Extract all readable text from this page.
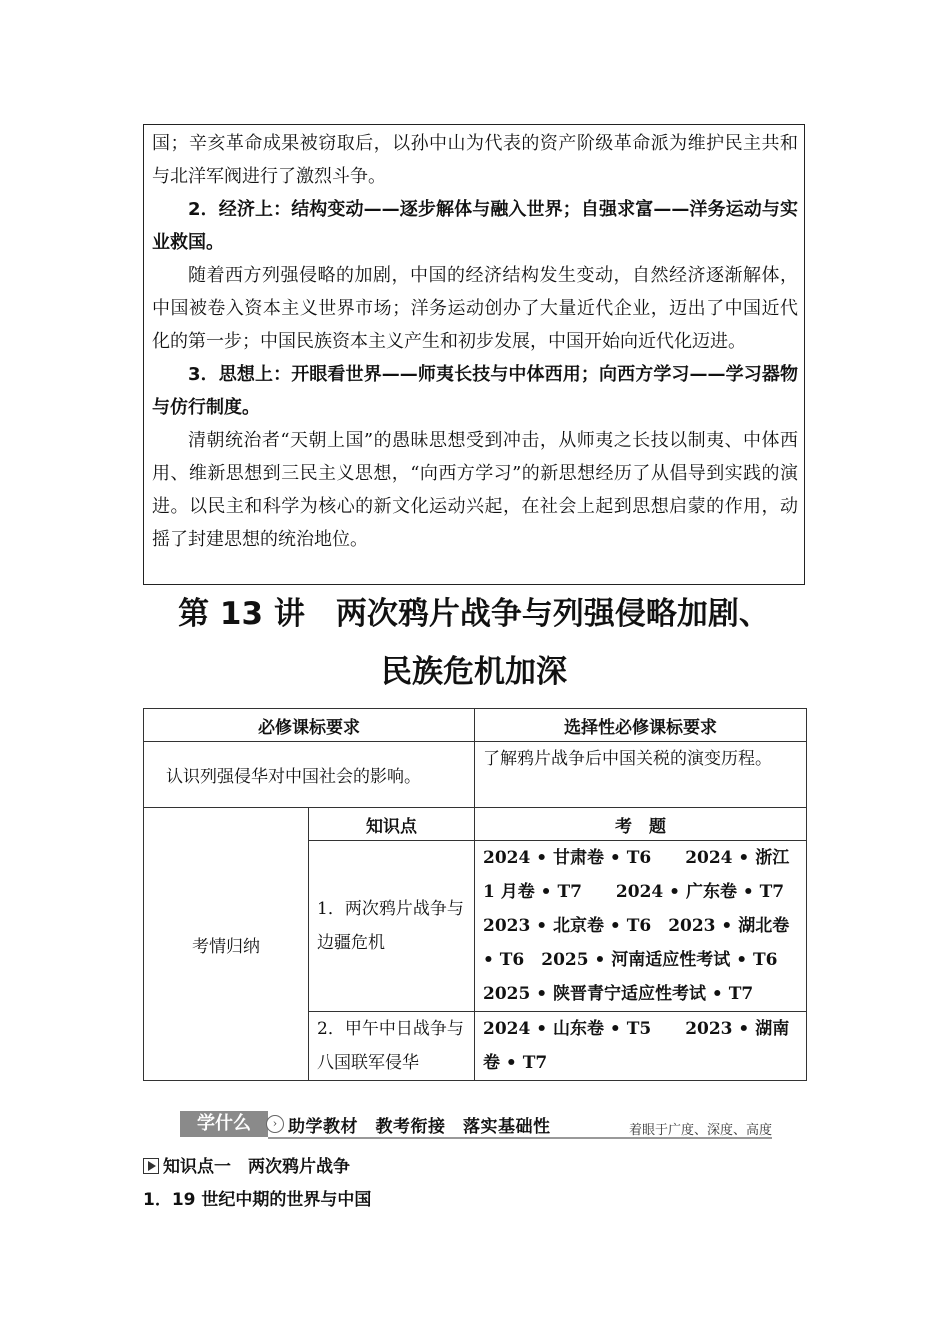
国；辛亥革命成果被窃取后，以孙中山为代表的资产阶级革命派为维护民主共和与北洋军阀进行了激烈斗争。

2．经济上：结构变动——逐步解体与融入世界；自强求富——洋务运动与实业救国。

随着西方列强侵略的加剧，中国的经济结构发生变动，自然经济逐渐解体，中国被卷入资本主义世界市场；洋务运动创办了大量近代企业，迈出了中国近代化的第一步；中国民族资本主义产生和初步发展，中国开始向近代化迈进。

3．思想上：开眼看世界——师夷长技与中体西用；向西方学习——学习器物与仿行制度。

清朝统治者“天朝上国”的愚昧思想受到冲击，从师夷之长技以制夷、中体西用、维新思想到三民主义思想，“向西方学习”的新思想经历了从倡导到实践的演进。以民主和科学为核心的新文化运动兴起，在社会上起到思想启蒙的作用，动摇了封建思想的统治地位。

第 13 讲　两次鸦片战争与列强侵略加剧、
民族危机加深
必修课标要求		选择性必修课标要求
认识列强侵华对中国社会的影响。		了解鸦片战争后中国关税的演变历程。
考情归纳	知识点	考　题
	1．两次鸦片战争与边疆危机	2024 • 甘肃卷 • T6　　2024 • 浙江 1 月卷 • T7　　2024 • 广东卷 • T7　2023 • 北京卷 • T6　2023 • 湖北卷 • T6　2025 • 河南适应性考试 • T6　2025 • 陕晋青宁适应性考试 • T7
	2．甲午中日战争与八国联军侵华	2024 • 山东卷 • T5　　2023 • 湖南卷 • T7
学什么	› 助学教材　教考衔接　落实基础性	着眼于广度、深度、高度
知识点一　两次鸦片战争
1．19 世纪中期的世界与中国
